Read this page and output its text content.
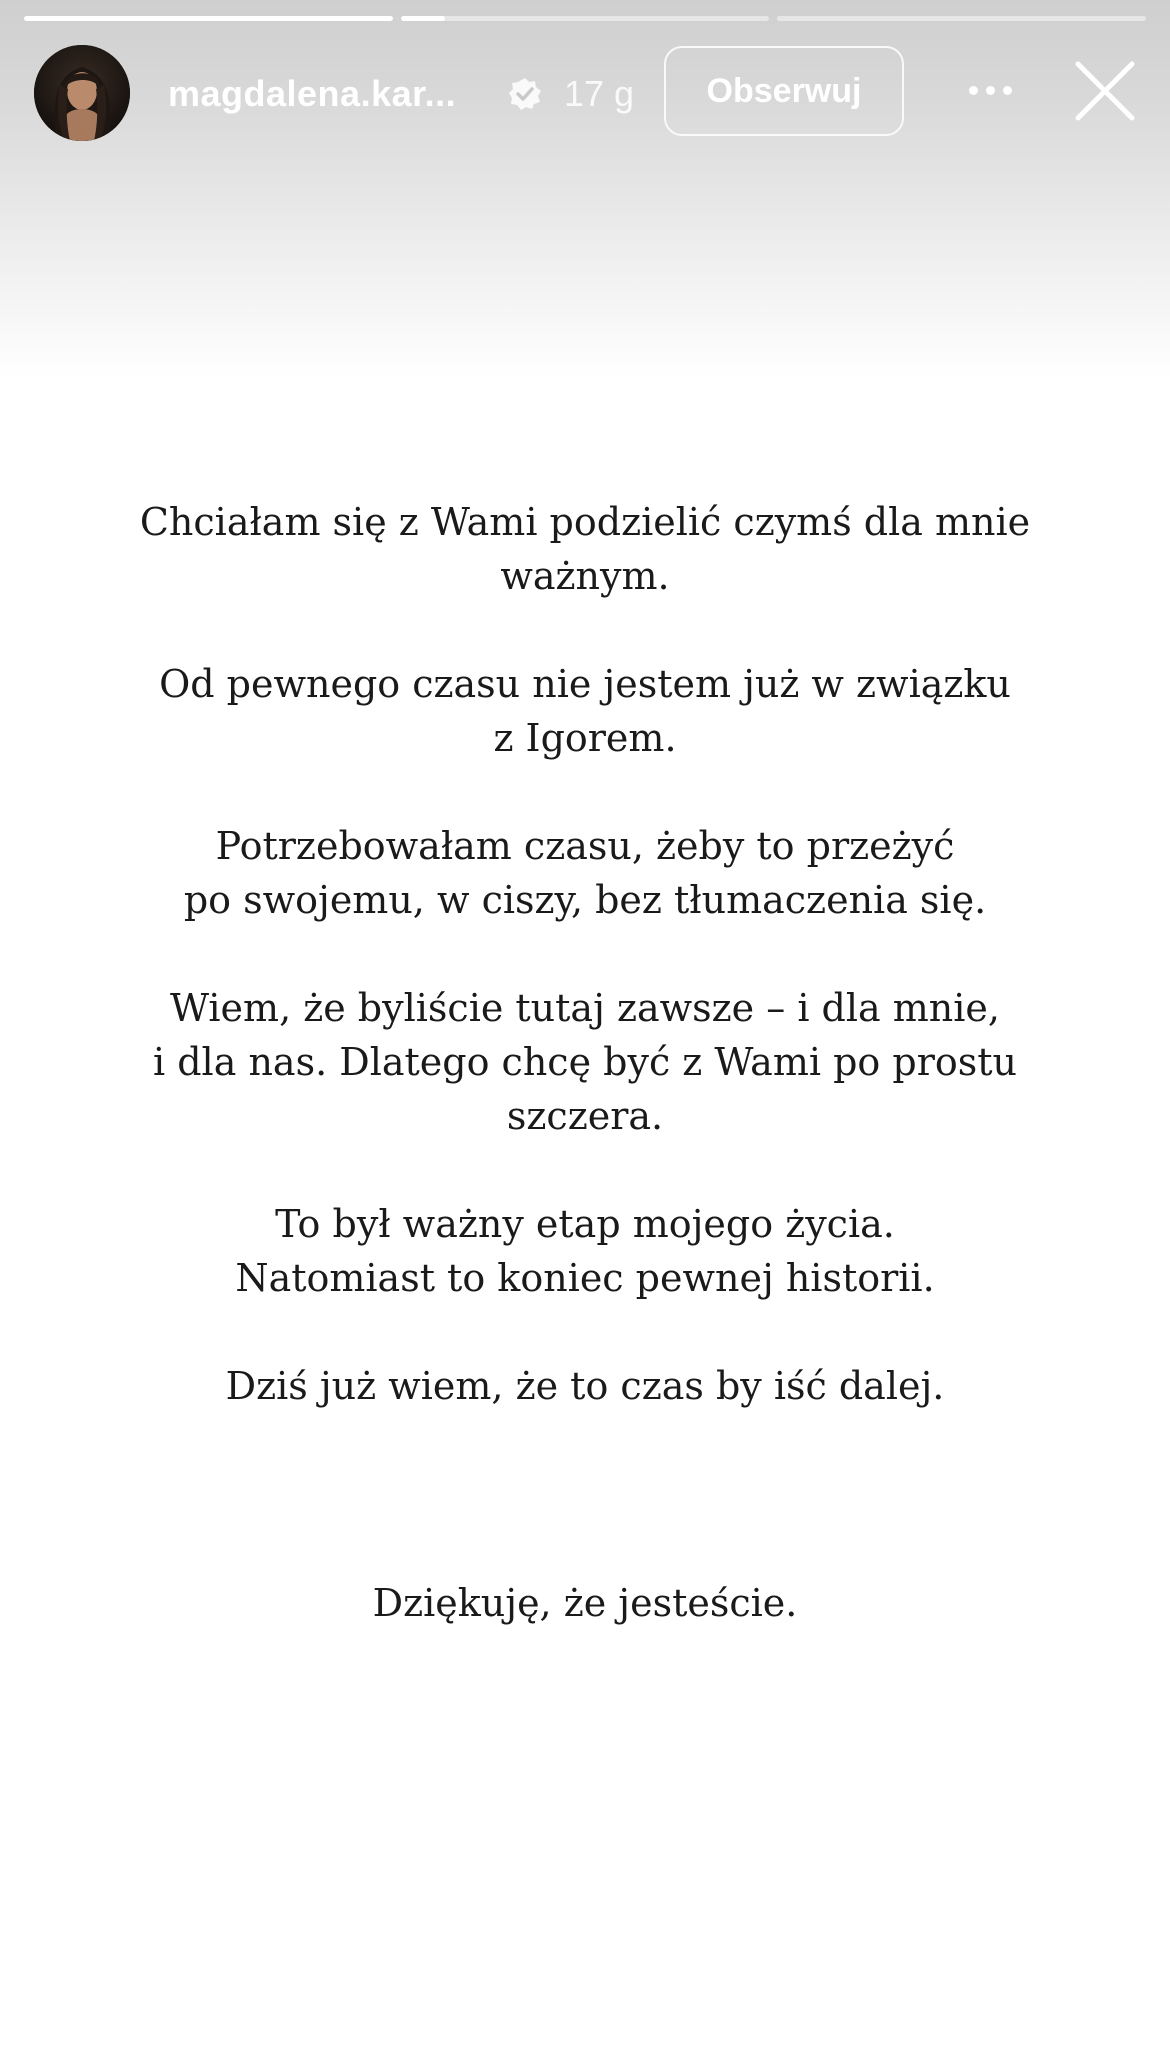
magdalena.kar...	17 g	Obserwuj

Chciałam się z Wami podzielić czymś dla mnie
ważnym.

Od pewnego czasu nie jestem już w związku
z Igorem.

Potrzebowałam czasu, żeby to przeżyć
po swojemu, w ciszy, bez tłumaczenia się.

Wiem, że byliście tutaj zawsze – i dla mnie,
i dla nas. Dlatego chcę być z Wami po prostu
szczera.

To był ważny etap mojego życia.
Natomiast to koniec pewnej historii.

Dziś już wiem, że to czas by iść dalej.

Dziękuję, że jesteście.
